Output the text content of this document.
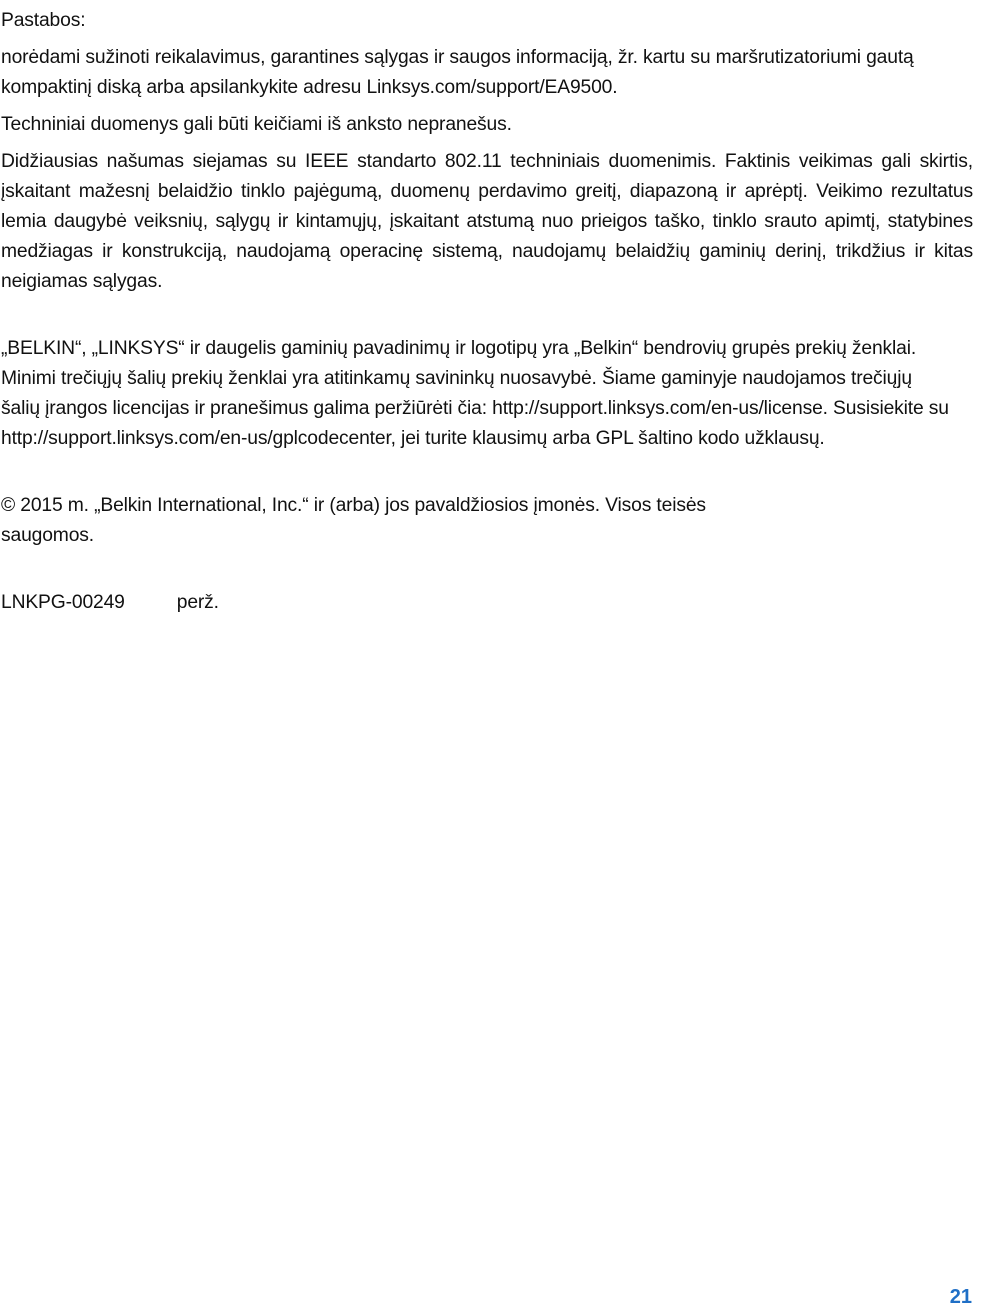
Pastabos:

norėdami sužinoti reikalavimus, garantines sąlygas ir saugos informaciją, žr. kartu su maršrutizatoriumi gautą kompaktinį diską arba apsilankykite adresu Linksys.com/support/EA9500.

Techniniai duomenys gali būti keičiami iš anksto nepranešus.

Didžiausias našumas siejamas su IEEE standarto 802.11 techniniais duomenimis. Faktinis veikimas gali skirtis, įskaitant mažesnį belaidžio tinklo pajėgumą, duomenų perdavimo greitį, diapazoną ir aprėptį. Veikimo rezultatus lemia daugybė veiksnių, sąlygų ir kintamųjų, įskaitant atstumą nuo prieigos taško, tinklo srauto apimtį, statybines medžiagas ir konstrukciją, naudojamą operacinę sistemą, naudojamų belaidžių gaminių derinį, trikdžius ir kitas neigiamas sąlygas.

„BELKIN“, „LINKSYS“ ir daugelis gaminių pavadinimų ir logotipų yra „Belkin“ bendrovių grupės prekių ženklai. Minimi trečiųjų šalių prekių ženklai yra atitinkamų savininkų nuosavybė. Šiame gaminyje naudojamos trečiųjų šalių įrangos licencijas ir pranešimus galima peržiūrėti čia: http://support.linksys.com/en-us/license. Susisiekite su http://support.linksys.com/en-us/gplcodecenter, jei turite klausimų arba GPL šaltino kodo užklausų.

© 2015 m. „Belkin International, Inc.“ ir (arba) jos pavaldžiosios įmonės. Visos teisės saugomos.

LNKPG-00249	perž.

21
